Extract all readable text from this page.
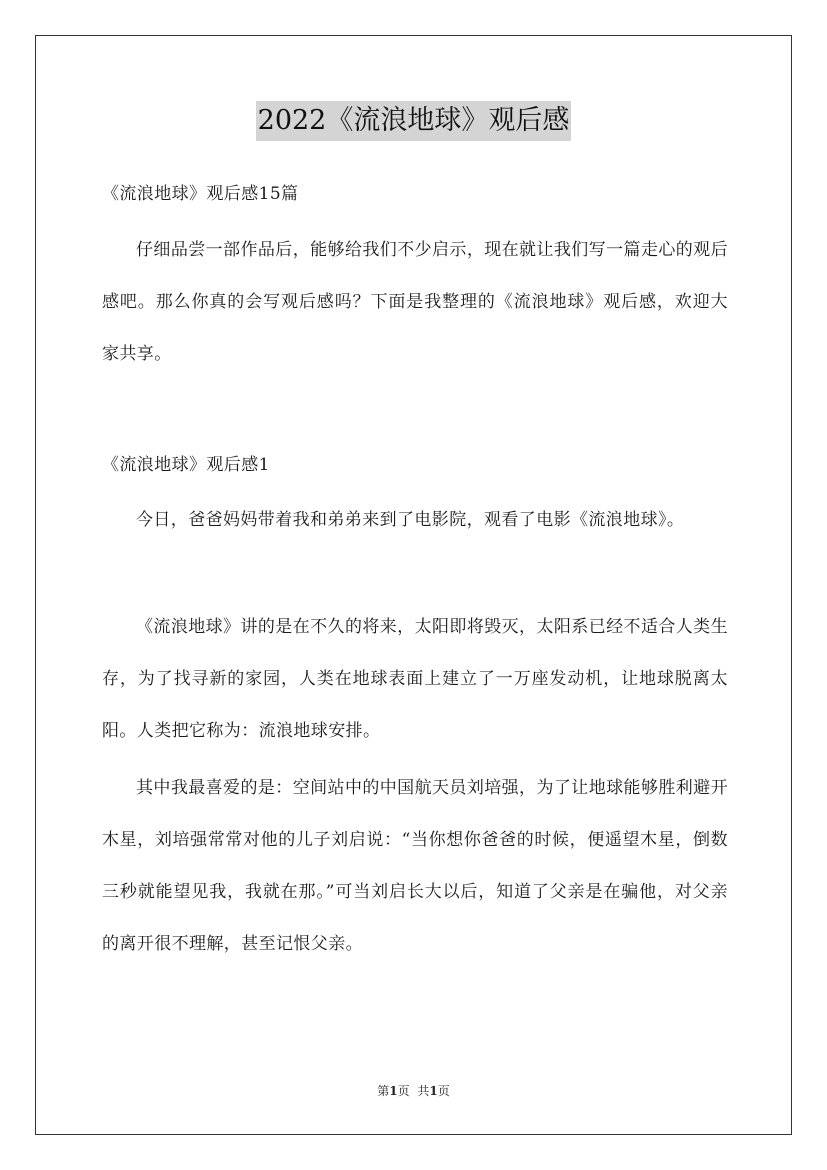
2022《流浪地球》观后感

《流浪地球》观后感15篇

仔细品尝一部作品后，能够给我们不少启示，现在就让我们写一篇走心的观后感吧。那么你真的会写观后感吗？下面是我整理的《流浪地球》观后感，欢迎大家共享。

《流浪地球》观后感1

今日，爸爸妈妈带着我和弟弟来到了电影院，观看了电影《流浪地球》。

《流浪地球》讲的是在不久的将来，太阳即将毁灭，太阳系已经不适合人类生存，为了找寻新的家园，人类在地球表面上建立了一万座发动机，让地球脱离太阳。人类把它称为：流浪地球安排。

其中我最喜爱的是：空间站中的中国航天员刘培强，为了让地球能够胜利避开木星，刘培强常常对他的儿子刘启说：“当你想你爸爸的时候，便遥望木星，倒数三秒就能望见我，我就在那。”可当刘启长大以后，知道了父亲是在骗他，对父亲的离开很不理解，甚至记恨父亲。

第1页 共1页
